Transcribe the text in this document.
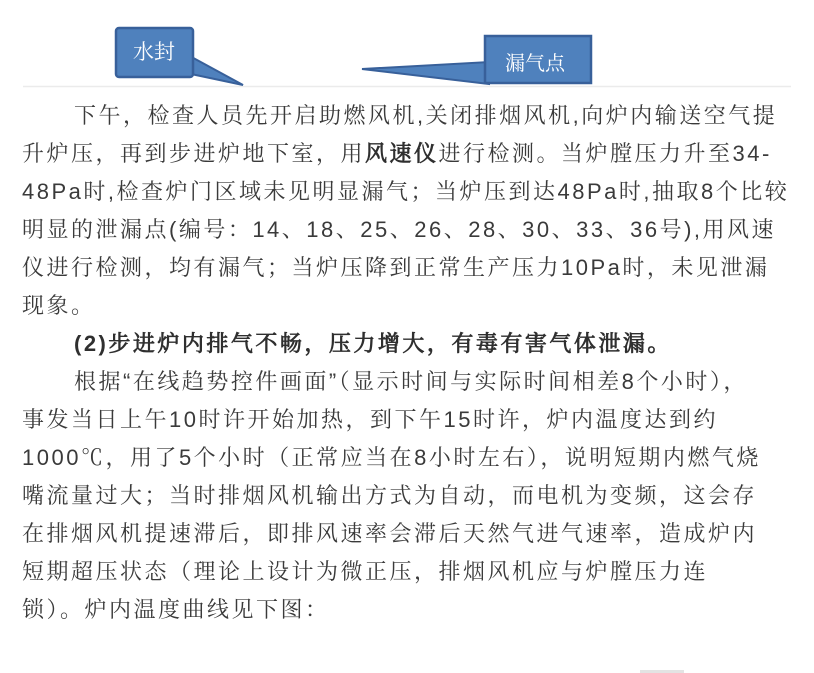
水封	漏气点
下午，检查人员先开启助燃风机,关闭排烟风机,向炉内输送空气提
升炉压，再到步进炉地下室，用风速仪进行检测。当炉膛压力升至34-
48Pa时,检查炉门区域未见明显漏气；当炉压到达48Pa时,抽取8个比较
明显的泄漏点(编号：14、18、25、26、28、30、33、36号),用风速
仪进行检测，均有漏气；当炉压降到正常生产压力10Pa时，未见泄漏
现象。
(2)步进炉内排气不畅，压力增大，有毒有害气体泄漏。
根据“在线趋势控件画面”（显示时间与实际时间相差8个小时），
事发当日上午10时许开始加热，到下午15时许，炉内温度达到约
1000℃，用了5个小时（正常应当在8小时左右），说明短期内燃气烧
嘴流量过大；当时排烟风机输出方式为自动，而电机为变频，这会存
在排烟风机提速滞后，即排风速率会滞后天然气进气速率，造成炉内
短期超压状态（理论上设计为微正压，排烟风机应与炉膛压力连
锁）。炉内温度曲线见下图：
